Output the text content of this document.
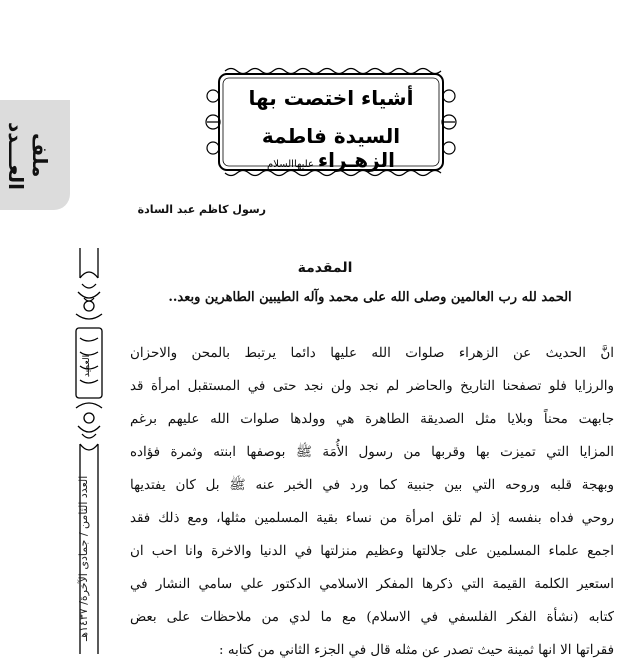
ملف العـــدد
أشياء اختصت بها
السيدة فاطمة الزهـراءعليهاالسلام
رسول كاظم عبد السادة
العميد
العدد الثامن / جمادى الآخرة/ ١٤٣٧هـ
المقدمة
الحمد لله رب العالمين وصلى الله على محمد وآله الطيبين الطاهرين وبعد..
انَّ الحديث عن الزهراء صلوات الله عليها دائما يرتبط بالمحن والاحزان
والرزايا فلو تصفحنا التاريخ والحاضر لم نجد ولن نجد حتى في المستقبل امرأة قد
جابهت محناً وبلايا مثل الصديقة الطاهرة هي وولدها صلوات الله عليهم برغم
المزايا التي تميزت بها وقربها من رسول الأُمَة ﷺ بوصفها ابنته وثمرة فؤاده
وبهجة قلبه وروحه التي بين جنبية كما ورد في الخبر عنه ﷺ بل كان يفتديها
روحي فداه بنفسه إذ لم تلق امرأة من نساء بقية المسلمين مثلها، ومع ذلك فقد
اجمع علماء المسلمين على جلالتها وعظيم منزلتها في الدنيا والاخرة وانا احب ان
استعير الكلمة القيمة التي ذكرها المفكر الاسلامي الدكتور علي سامي النشار في
كتابه (نشأة الفكر الفلسفي في الاسلام) مع ما لدي من ملاحظات على بعض
فقراتها الا انها ثمينة حيث تصدر عن مثله قال في الجزء الثاني من كتابه :
